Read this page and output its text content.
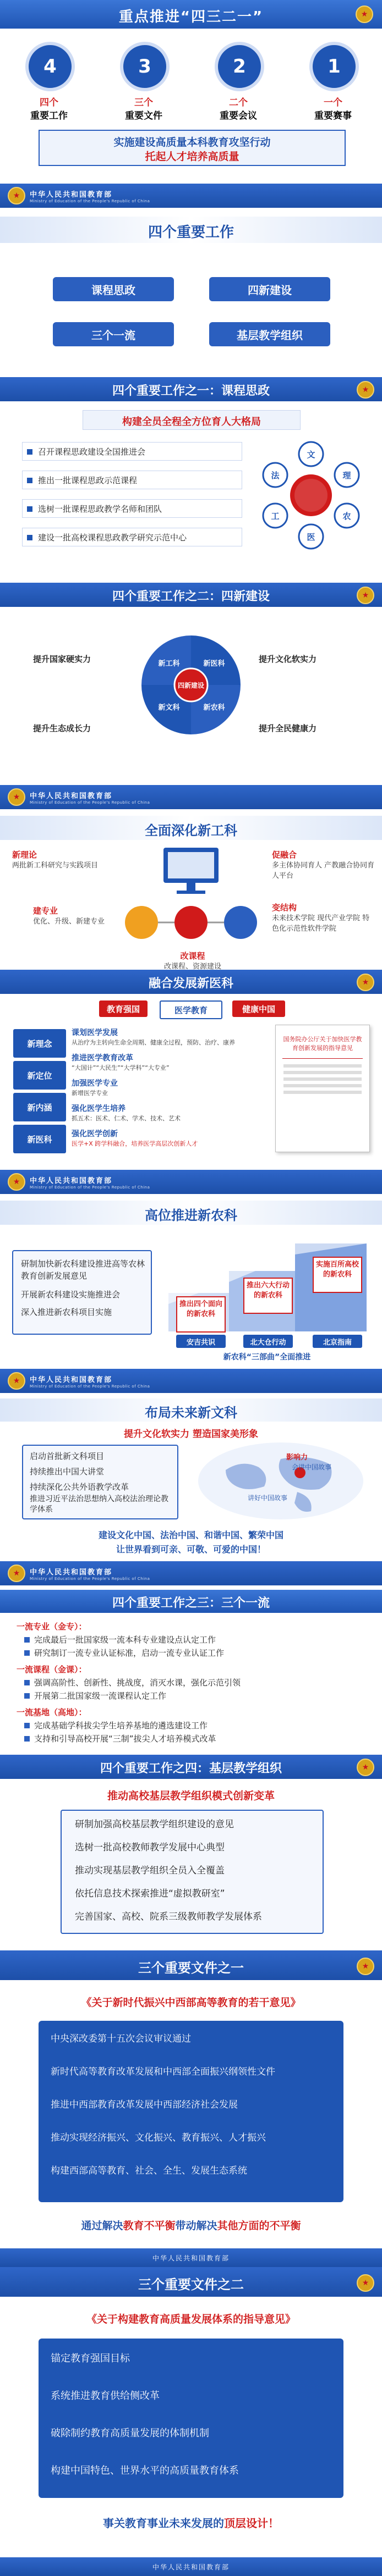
重点推进“四三二一”	★
4	3	2	1
四个
重要工作
三个
重要文件
二个
重要会议
一个
重要赛事
实施建设高质量本科教育攻坚行动
托起人才培养高质量
★	中华人民共和国教育部
Ministry of Education of the People's Republic of China
四个重要工作
课程思政	四新建设
三个一流	基层教学组织
四个重要工作之一：课程思政	★
构建全员全程全方位育人大格局
召开课程思政建设全国推进会
推出一批课程思政示范课程
选树一批课程思政教学名师和团队
建设一批高校课程思政教学研究示范中心
文
理
农
医
工
法
四个重要工作之二：四新建设	★
新工科	新医科
新农科
新文科
四新建设
提升国家硬实力
提升生态成长力
提升文化软实力
提升全民健康力
★	中华人民共和国教育部
Ministry of Education of the People's Republic of China
全面深化新工科
新理论
两批新工科研究与实践项目
建专业
优化、升级、新建专业
促融合
多主体协同育人 产教融合协同育人平台
变结构
未来技术学院 现代产业学院 特色化示范性软件学院
改课程
改课程、资源建设
融合发展新医科	★
教育强国	医学教育	健康中国
新理念
新定位
新内涵
新医科
课划医学发展
从治疗为主转向生命全周期、健康全过程，预防、治疗、康养
推进医学教育改革
“大国计”“大民生”“大学科”“大专业”
加强医学专业
新增医学专业
强化医学生培养
抓五术：医术、仁术、学术、技术、艺术
强化医学创新
医学+X 跨学科融合，培养医学高层次创新人才
国务院办公厅关于加快医学教育创新发展的指导意见
★	中华人民共和国教育部
Ministry of Education of the People's Republic of China
高位推进新农科
研制加快新农科建设推进高等农林教育创新发展意见
开展新农科建设实施推进会
深入推进新农科项目实施
推出四个面向的新农科
推出六大行动的新农科
实施百所高校的新农科
安吉共识	北大仓行动	北京指南
新农科“三部曲”全面推进
★	中华人民共和国教育部
Ministry of Education of the People's Republic of China
布局未来新文科
提升文化软实力 塑造国家美形象
启动首批新文科项目
持续推出中国大讲堂
持续深化公共外语教学改革
推进习近平法治思想纳入高校法治理论教学体系
影响力
会讲中国故事
讲好中国故事
建设文化中国、法治中国、和谐中国、繁荣中国
让世界看到可亲、可敬、可爱的中国！
★	中华人民共和国教育部
Ministry of Education of the People's Republic of China
四个重要工作之三：三个一流
一流专业（金专）：
完成最后一批国家级一流本科专业建设点认定工作
研究制订一流专业认证标准，启动一流专业认证工作
一流课程（金课）：
强调高阶性、创新性、挑战度，消灭水课，强化示范引领
开展第二批国家级一流课程认定工作
一流基地（高地）：
完成基础学科拔尖学生培养基地的遴选建设工作
支持和引导高校开展“三制”拔尖人才培养模式改革
四个重要工作之四：基层教学组织	★
推动高校基层教学组织模式创新变革
研制加强高校基层教学组织建设的意见
选树一批高校教师教学发展中心典型
推动实现基层教学组织全员入全覆盖
依托信息技术探索推进“虚拟教研室”
完善国家、高校、院系三级教师教学发展体系
三个重要文件之一	★
《关于新时代振兴中西部高等教育的若干意见》
中央深改委第十五次会议审议通过
新时代高等教育改革发展和中西部全面振兴纲领性文件
推进中西部教育改革发展中西部经济社会发展
推动实现经济振兴、文化振兴、教育振兴、人才振兴
构建西部高等教育、社会、全生、发展生态系统
通过解决教育不平衡带动解决其他方面的不平衡
中华人民共和国教育部
三个重要文件之二	★
《关于构建教育高质量发展体系的指导意见》
锚定教育强国目标
系统推进教育供给侧改革
破除制约教育高质量发展的体制机制
构建中国特色、世界水平的高质量教育体系
事关教育事业未来发展的顶层设计！
中华人民共和国教育部
